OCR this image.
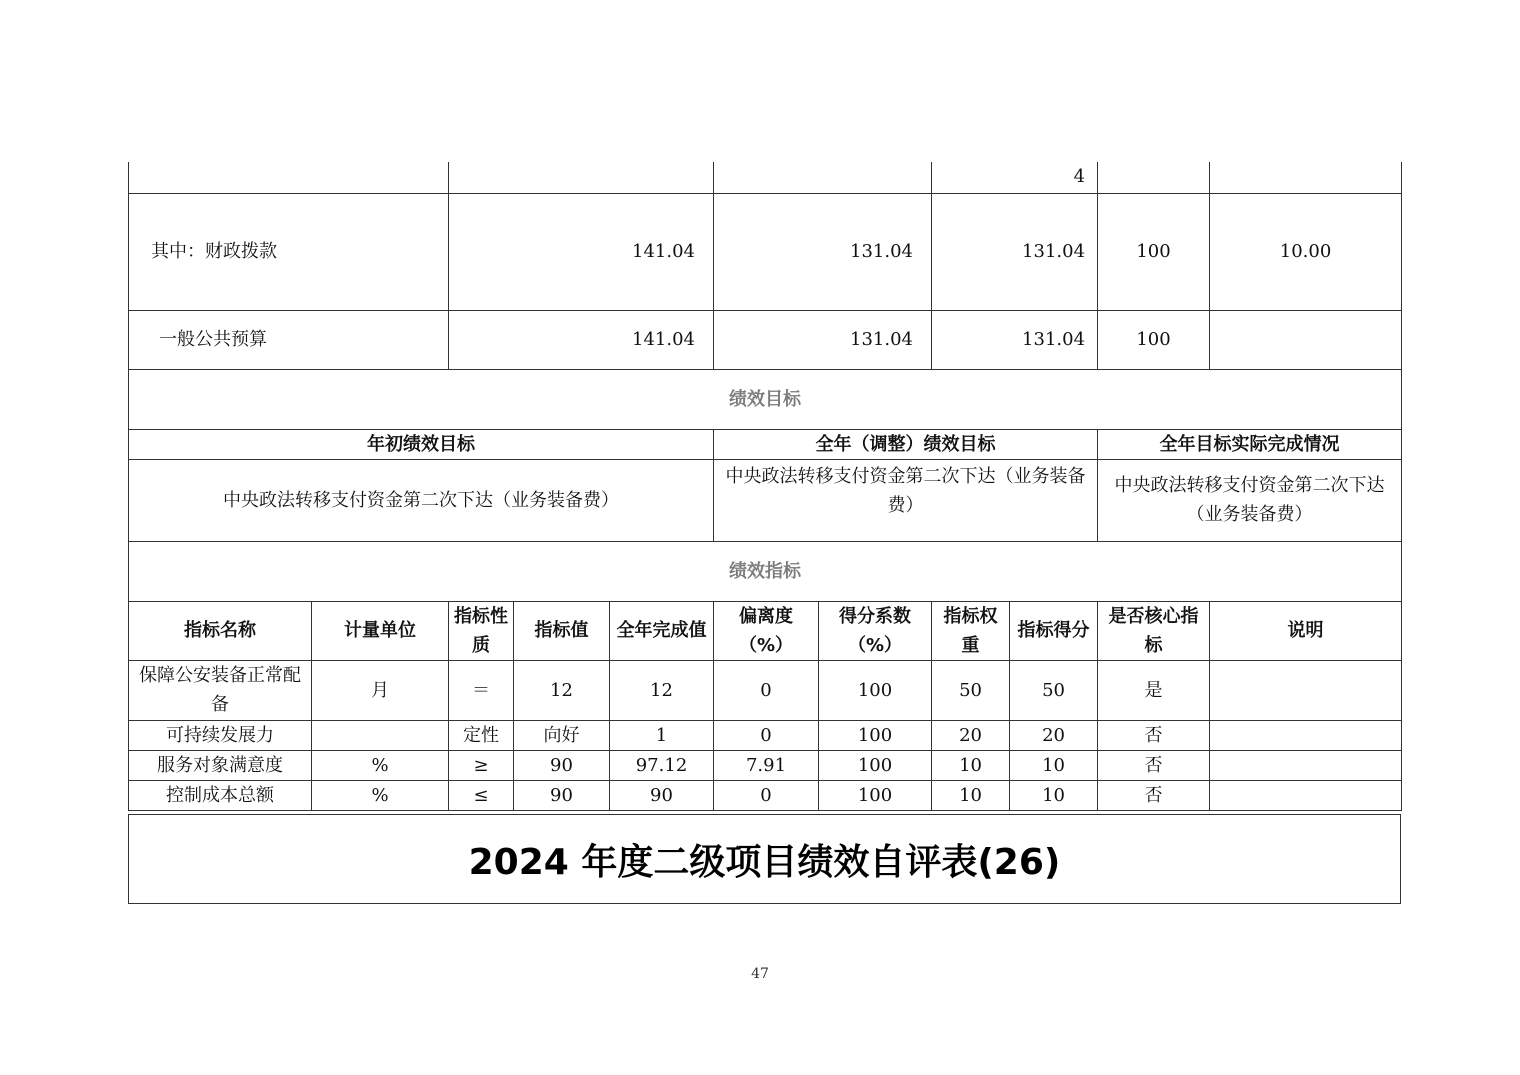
							4				
其中：财政拨款		141.04			131.04		131.04		100	10.00	
一般公共预算		141.04			131.04		131.04		100		
绩效目标											
年初绩效目标					全年（调整）绩效目标				全年目标实际完成情况		
中央政法转移支付资金第二次下达（业务装备费）					中央政法转移支付资金第二次下达（业务装备费）				中央政法转移支付资金第二次下达（业务装备费）		
绩效指标											
指标名称	计量单位	指标性质	指标值	全年完成值	偏离度（%）	得分系数（%）	指标权重	指标得分	是否核心指标	说明	
保障公安装备正常配备	月	＝	12	12	0	100	50	50	是		
可持续发展力		定性	向好	1	0	100	20	20	否		
服务对象满意度	%	≥	90	97.12	7.91	100	10	10	否		
控制成本总额	%	≤	90	90	0	100	10	10	否		
2024 年度二级项目绩效自评表(26)
47
